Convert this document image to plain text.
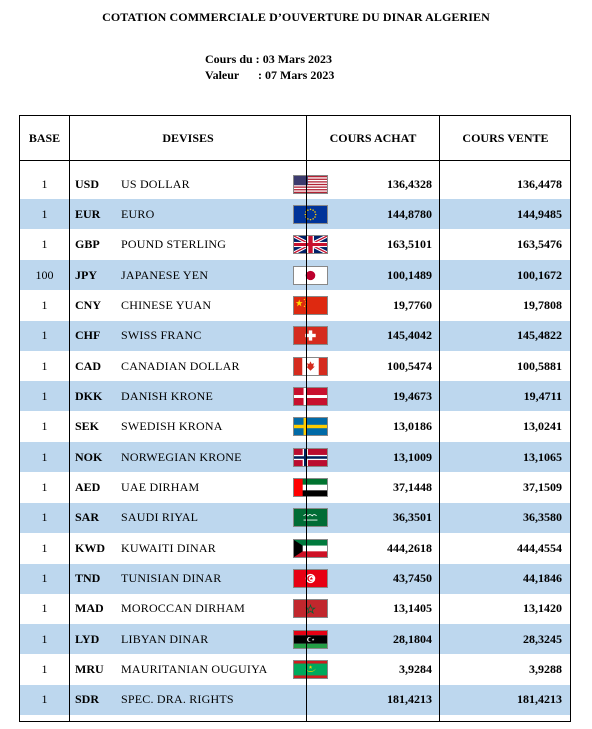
COTATION COMMERCIALE D’OUVERTURE DU DINAR ALGERIEN
Cours du :
03 Mars 2023
Valeur	: 07 Mars 2023
1	USD	US DOLLAR	136,4328	136,4478
1	EUR	EURO	144,8780	144,9485
1	GBP	POUND STERLING	163,5101	163,5476
100	JPY	JAPANESE YEN	100,1489	100,1672
1	CNY	CHINESE YUAN	19,7760	19,7808
1	CHF	SWISS FRANC	145,4042	145,4822
1	CAD	CANADIAN DOLLAR	100,5474	100,5881
1	DKK	DANISH KRONE	19,4673	19,4711
1	SEK	SWEDISH KRONA	13,0186	13,0241
1	NOK	NORWEGIAN KRONE	13,1009	13,1065
1	AED	UAE DIRHAM	37,1448	37,1509
1	SAR	SAUDI RIYAL	36,3501	36,3580
1	KWD	KUWAITI DINAR	444,2618	444,4554
1	TND	TUNISIAN DINAR	43,7450	44,1846
1	MAD	MOROCCAN DIRHAM	13,1405	13,1420
1	LYD	LIBYAN DINAR	28,1804	28,3245
1	MRU	MAURITANIAN OUGUIYA	3,9284	3,9288
1	SDR	SPEC. DRA. RIGHTS	181,4213	181,4213
BASE	DEVISES	COURS ACHAT	COURS VENTE
